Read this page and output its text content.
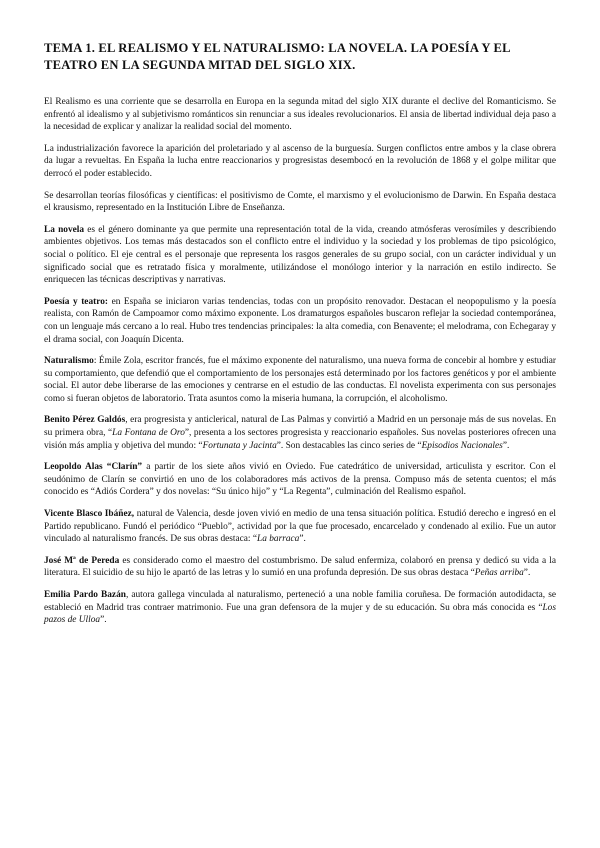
TEMA 1. EL REALISMO Y EL NATURALISMO: LA NOVELA. LA POESÍA Y EL TEATRO EN LA SEGUNDA MITAD DEL SIGLO XIX.

El Realismo es una corriente que se desarrolla en Europa en la segunda mitad del siglo XIX durante el declive del Romanticismo. Se enfrentó al idealismo y al subjetivismo románticos sin renunciar a sus ideales revolucionarios. El ansia de libertad individual deja paso a la necesidad de explicar y analizar la realidad social del momento.

La industrialización favorece la aparición del proletariado y al ascenso de la burguesía. Surgen conflictos entre ambos y la clase obrera da lugar a revueltas. En España la lucha entre reaccionarios y progresistas desembocó en la revolución de 1868 y el golpe militar que derrocó el poder establecido.

Se desarrollan teorías filosóficas y científicas: el positivismo de Comte, el marxismo y el evolucionismo de Darwin. En España destaca el krausismo, representado en la Institución Libre de Enseñanza.

La novela es el género dominante ya que permite una representación total de la vida, creando atmósferas verosímiles y describiendo ambientes objetivos. Los temas más destacados son el conflicto entre el individuo y la sociedad y los problemas de tipo psicológico, social o político. El eje central es el personaje que representa los rasgos generales de su grupo social, con un carácter individual y un significado social que es retratado física y moralmente, utilizándose el monólogo interior y la narración en estilo indirecto. Se enriquecen las técnicas descriptivas y narrativas.

Poesía y teatro: en España se iniciaron varias tendencias, todas con un propósito renovador. Destacan el neopopulismo y la poesía realista, con Ramón de Campoamor como máximo exponente. Los dramaturgos españoles buscaron reflejar la sociedad contemporánea, con un lenguaje más cercano a lo real. Hubo tres tendencias principales: la alta comedia, con Benavente; el melodrama, con Echegaray y el drama social, con Joaquín Dicenta.

Naturalismo: Émile Zola, escritor francés, fue el máximo exponente del naturalismo, una nueva forma de concebir al hombre y estudiar su comportamiento, que defendió que el comportamiento de los personajes está determinado por los factores genéticos y por el ambiente social. El autor debe liberarse de las emociones y centrarse en el estudio de las conductas. El novelista experimenta con sus personajes como si fueran objetos de laboratorio. Trata asuntos como la miseria humana, la corrupción, el alcoholismo.

Benito Pérez Galdós, era progresista y anticlerical, natural de Las Palmas y convirtió a Madrid en un personaje más de sus novelas. En su primera obra, “La Fontana de Oro”, presenta a los sectores progresista y reaccionario españoles. Sus novelas posteriores ofrecen una visión más amplia y objetiva del mundo: “Fortunata y Jacinta”. Son destacables las cinco series de “Episodios Nacionales”.

Leopoldo Alas “Clarín” a partir de los siete años vivió en Oviedo. Fue catedrático de universidad, articulista y escritor. Con el seudónimo de Clarín se convirtió en uno de los colaboradores más activos de la prensa. Compuso más de setenta cuentos; el más conocido es “Adiós Cordera” y dos novelas: “Su único hijo” y “La Regenta”, culminación del Realismo español.

Vicente Blasco Ibáñez, natural de Valencia, desde joven vivió en medio de una tensa situación política. Estudió derecho e ingresó en el Partido republicano. Fundó el periódico “Pueblo”, actividad por la que fue procesado, encarcelado y condenado al exilio. Fue un autor vinculado al naturalismo francés. De sus obras destaca: “La barraca”.

José Mª de Pereda es considerado como el maestro del costumbrismo. De salud enfermiza, colaboró en prensa y dedicó su vida a la literatura. El suicidio de su hijo le apartó de las letras y lo sumió en una profunda depresión. De sus obras destaca “Peñas arriba”.

Emilia Pardo Bazán, autora gallega vinculada al naturalismo, perteneció a una noble familia coruñesa. De formación autodidacta, se estableció en Madrid tras contraer matrimonio. Fue una gran defensora de la mujer y de su educación. Su obra más conocida es “Los pazos de Ulloa”.
